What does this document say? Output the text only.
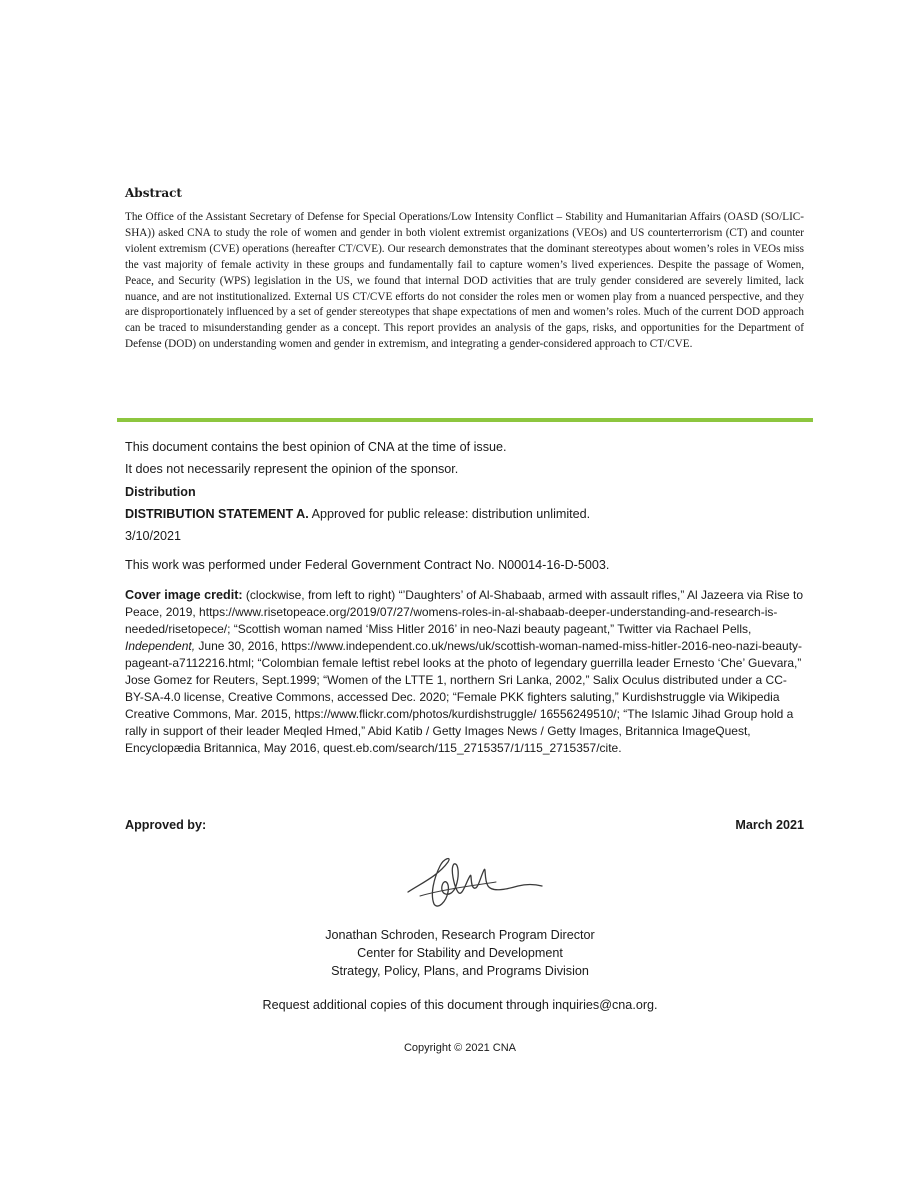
Abstract

The Office of the Assistant Secretary of Defense for Special Operations/Low Intensity Conflict – Stability and Humanitarian Affairs (OASD (SO/LIC-SHA)) asked CNA to study the role of women and gender in both violent extremist organizations (VEOs) and US counterterrorism (CT) and counter violent extremism (CVE) operations (hereafter CT/CVE). Our research demonstrates that the dominant stereotypes about women’s roles in VEOs miss the vast majority of female activity in these groups and fundamentally fail to capture women’s lived experiences. Despite the passage of Women, Peace, and Security (WPS) legislation in the US, we found that internal DOD activities that are truly gender considered are severely limited, lack nuance, and are not institutionalized. External US CT/CVE efforts do not consider the roles men or women play from a nuanced perspective, and they are disproportionately influenced by a set of gender stereotypes that shape expectations of men and women’s roles. Much of the current DOD approach can be traced to misunderstanding gender as a concept. This report provides an analysis of the gaps, risks, and opportunities for the Department of Defense (DOD) on understanding women and gender in extremism, and integrating a gender-considered approach to CT/CVE.

This document contains the best opinion of CNA at the time of issue.

It does not necessarily represent the opinion of the sponsor.

Distribution

DISTRIBUTION STATEMENT A. Approved for public release: distribution unlimited.

3/10/2021

This work was performed under Federal Government Contract No. N00014-16-D-5003.

Cover image credit: (clockwise, from left to right) “’Daughters’ of Al-Shabaab, armed with assault rifles,” Al Jazeera via Rise to Peace, 2019, https://www.risetopeace.org/2019/07/27/womens-roles-in-al-shabaab-deeper-understanding-and-research-is-needed/risetopece/; “Scottish woman named ‘Miss Hitler 2016’ in neo-Nazi beauty pageant,” Twitter via Rachael Pells, Independent, June 30, 2016, https://www.independent.co.uk/news/uk/scottish-woman-named-miss-hitler-2016-neo-nazi-beauty-pageant-a7112216.html; “Colombian female leftist rebel looks at the photo of legendary guerrilla leader Ernesto ‘Che’ Guevara,” Jose Gomez for Reuters, Sept.1999; “Women of the LTTE 1, northern Sri Lanka, 2002,” Salix Oculus distributed under a CC-BY-SA-4.0 license, Creative Commons, accessed Dec. 2020; “Female PKK fighters saluting,” Kurdishstruggle via Wikipedia Creative Commons, Mar. 2015, https://www.flickr.com/photos/kurdishstruggle/ 16556249510/; “The Islamic Jihad Group hold a rally in support of their leader Meqled Hmed,” Abid Katib / Getty Images News / Getty Images, Britannica ImageQuest, Encyclopædia Britannica, May 2016, quest.eb.com/search/115_2715357/1/115_2715357/cite.

Approved by:	March 2021

Jonathan Schroden, Research Program Director

Center for Stability and Development

Strategy, Policy, Plans, and Programs Division

Request additional copies of this document through inquiries@cna.org.

Copyright © 2021 CNA
